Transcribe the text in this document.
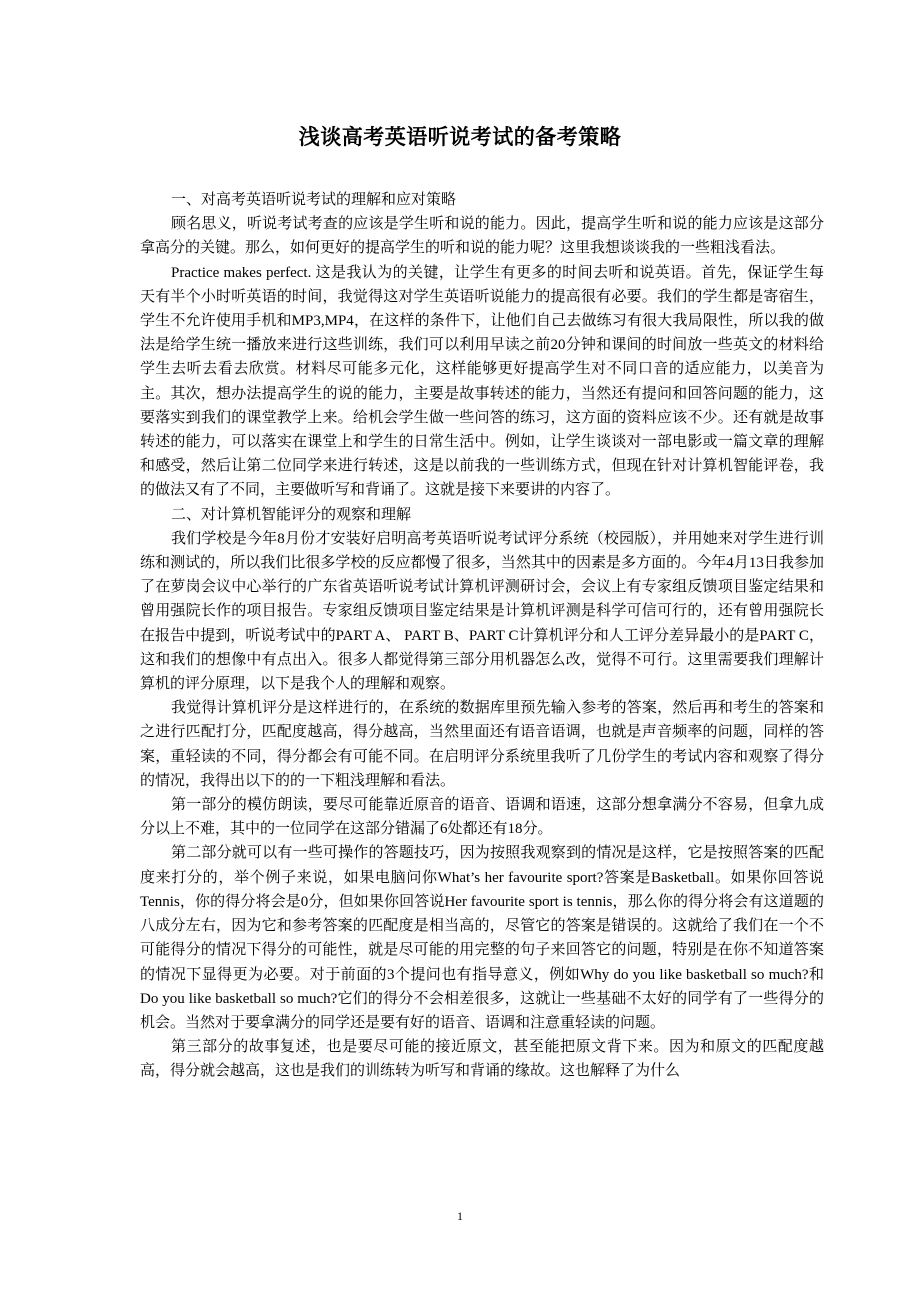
浅谈高考英语听说考试的备考策略

一、对高考英语听说考试的理解和应对策略

顾名思义，听说考试考查的应该是学生听和说的能力。因此，提高学生听和说的能力应该是这部分拿高分的关键。那么，如何更好的提高学生的听和说的能力呢？这里我想谈谈我的一些粗浅看法。

Practice makes perfect. 这是我认为的关键，让学生有更多的时间去听和说英语。首先，保证学生每天有半个小时听英语的时间，我觉得这对学生英语听说能力的提高很有必要。我们的学生都是寄宿生，学生不允许使用手机和MP3,MP4，在这样的条件下，让他们自己去做练习有很大我局限性，所以我的做法是给学生统一播放来进行这些训练，我们可以利用早读之前20分钟和课间的时间放一些英文的材料给学生去听去看去欣赏。材料尽可能多元化，这样能够更好提高学生对不同口音的适应能力，以美音为主。其次，想办法提高学生的说的能力，主要是故事转述的能力，当然还有提问和回答问题的能力，这要落实到我们的课堂教学上来。给机会学生做一些问答的练习，这方面的资料应该不少。还有就是故事转述的能力，可以落实在课堂上和学生的日常生活中。例如，让学生谈谈对一部电影或一篇文章的理解和感受，然后让第二位同学来进行转述，这是以前我的一些训练方式，但现在针对计算机智能评卷，我的做法又有了不同，主要做听写和背诵了。这就是接下来要讲的内容了。

二、对计算机智能评分的观察和理解

我们学校是今年8月份才安装好启明高考英语听说考试评分系统（校园版），并用她来对学生进行训练和测试的，所以我们比很多学校的反应都慢了很多，当然其中的因素是多方面的。今年4月13日我参加了在萝岗会议中心举行的广东省英语听说考试计算机评测研讨会，会议上有专家组反馈项目鉴定结果和曾用强院长作的项目报告。专家组反馈项目鉴定结果是计算机评测是科学可信可行的，还有曾用强院长在报告中提到，听说考试中的PART A、 PART B、PART C计算机评分和人工评分差异最小的是PART C，这和我们的想像中有点出入。很多人都觉得第三部分用机器怎么改，觉得不可行。这里需要我们理解计算机的评分原理，以下是我个人的理解和观察。

我觉得计算机评分是这样进行的，在系统的数据库里预先输入参考的答案，然后再和考生的答案和之进行匹配打分，匹配度越高，得分越高，当然里面还有语音语调，也就是声音频率的问题，同样的答案，重轻读的不同，得分都会有可能不同。在启明评分系统里我听了几份学生的考试内容和观察了得分的情况，我得出以下的的一下粗浅理解和看法。

第一部分的模仿朗读，要尽可能靠近原音的语音、语调和语速，这部分想拿满分不容易，但拿九成分以上不难，其中的一位同学在这部分错漏了6处都还有18分。

第二部分就可以有一些可操作的答题技巧，因为按照我观察到的情况是这样，它是按照答案的匹配度来打分的，举个例子来说，如果电脑问你What’s her favourite sport?答案是Basketball。如果你回答说Tennis，你的得分将会是0分，但如果你回答说Her favourite sport is tennis，那么你的得分将会有这道题的八成分左右，因为它和参考答案的匹配度是相当高的，尽管它的答案是错误的。这就给了我们在一个不可能得分的情况下得分的可能性，就是尽可能的用完整的句子来回答它的问题，特别是在你不知道答案的情况下显得更为必要。对于前面的3个提问也有指导意义，例如Why do you like basketball so much?和Do you like basketball so much?它们的得分不会相差很多，这就让一些基础不太好的同学有了一些得分的机会。当然对于要拿满分的同学还是要有好的语音、语调和注意重轻读的问题。

第三部分的故事复述，也是要尽可能的接近原文，甚至能把原文背下来。因为和原文的匹配度越高，得分就会越高，这也是我们的训练转为听写和背诵的缘故。这也解释了为什么

1
